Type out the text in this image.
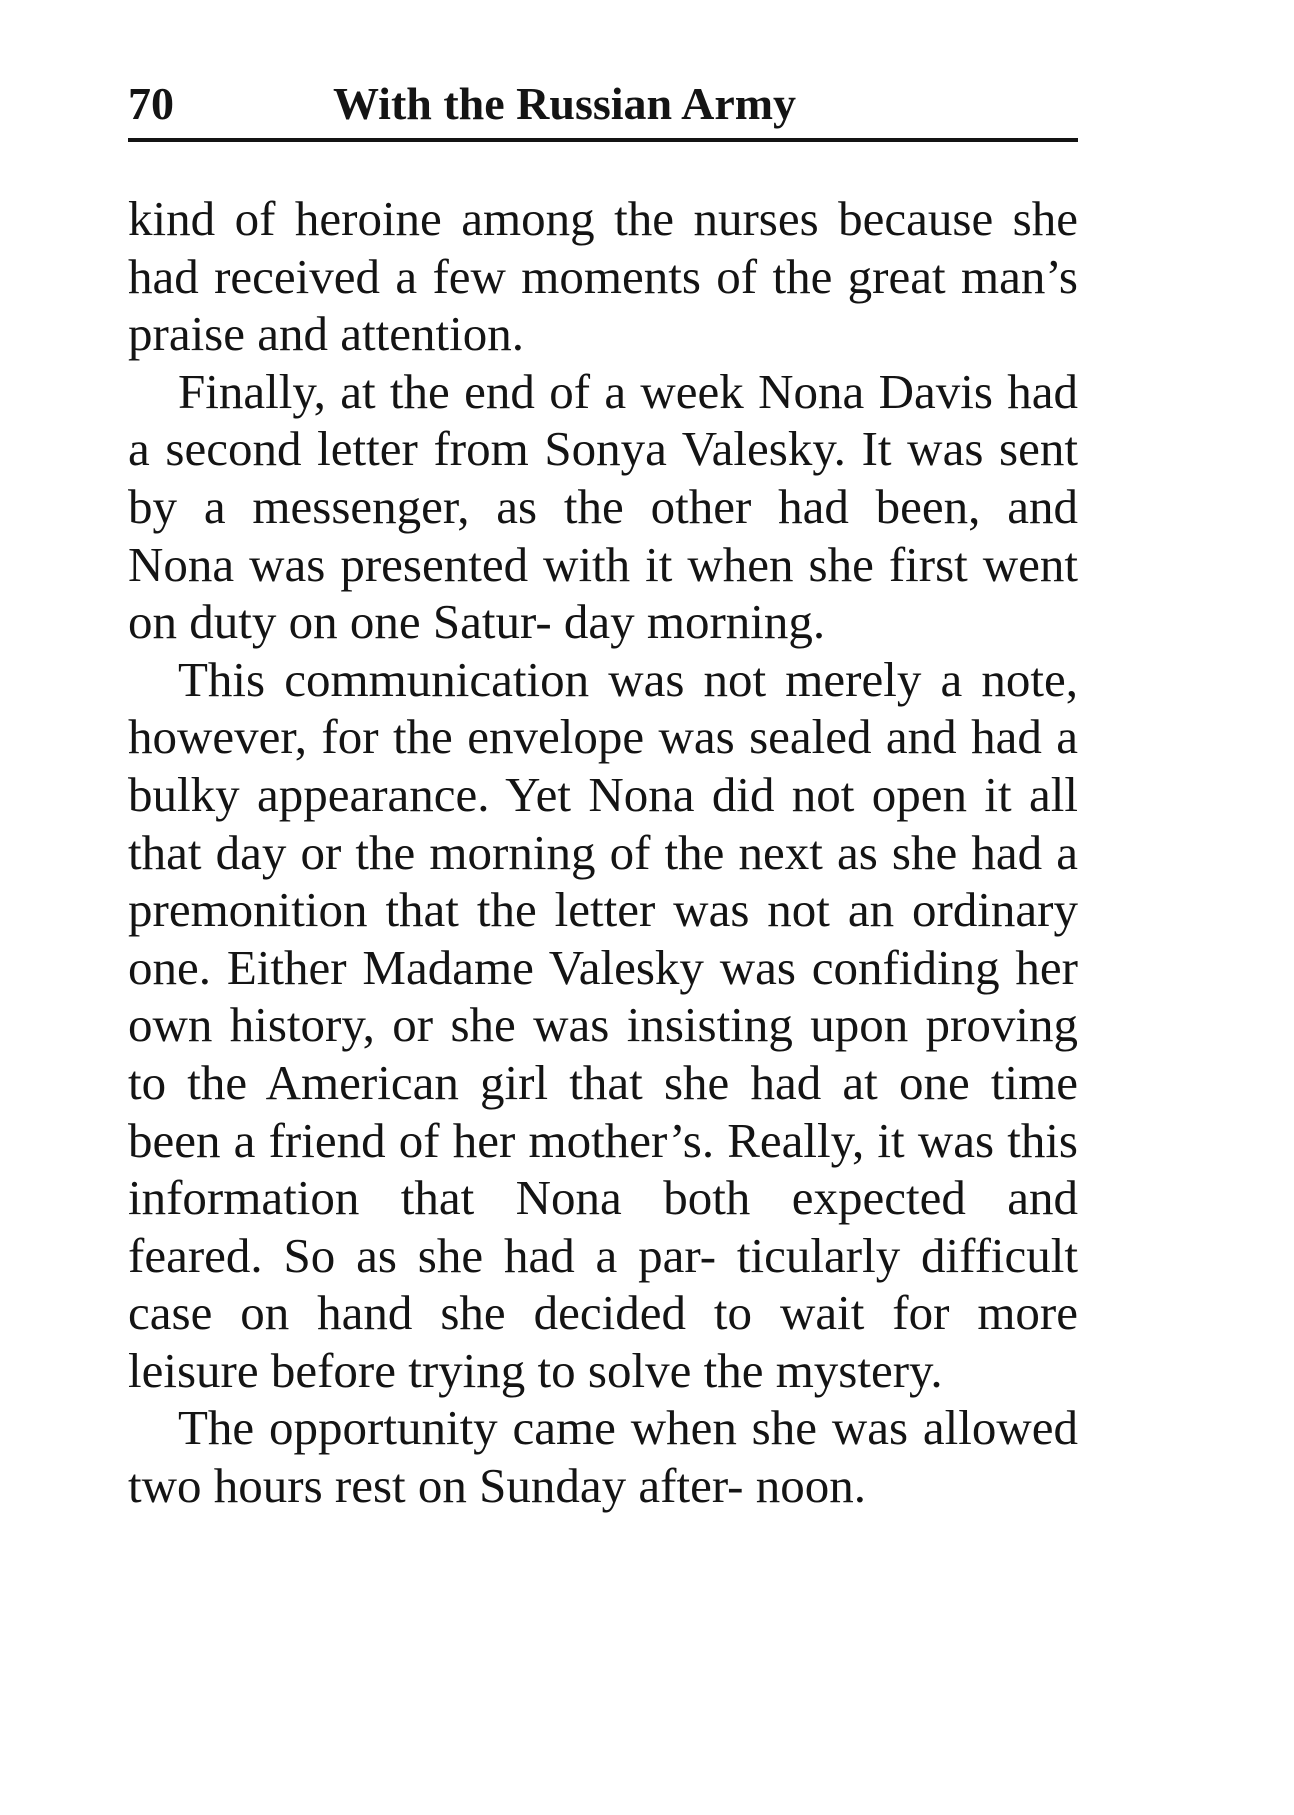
70	With the Russian Army

kind of heroine among the nurses because she had received a few moments of the great man’s praise and attention.

Finally, at the end of a week Nona Davis had a second letter from Sonya Valesky. It was sent by a messenger, as the other had been, and Nona was presented with it when she first went on duty on one Satur- day morning.

This communication was not merely a note, however, for the envelope was sealed and had a bulky appearance. Yet Nona did not open it all that day or the morning of the next as she had a premonition that the letter was not an ordinary one. Either Madame Valesky was confiding her own history, or she was insisting upon proving to the American girl that she had at one time been a friend of her mother’s. Really, it was this information that Nona both expected and feared. So as she had a par- ticularly difficult case on hand she decided to wait for more leisure before trying to solve the mystery.

The opportunity came when she was allowed two hours rest on Sunday after- noon.
